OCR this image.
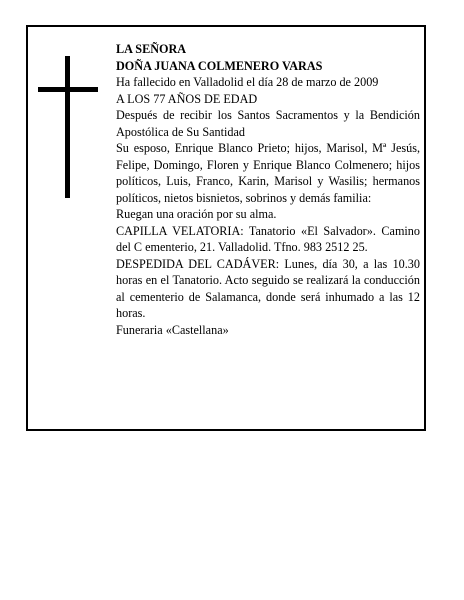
LA SEÑORA
DOÑA JUANA COLMENERO VARAS
Ha fallecido en Valladolid el día 28 de marzo de 2009
A LOS 77 AÑOS DE EDAD
Después de recibir los Santos Sacramentos y la Bendición Apostólica de Su Santidad
Su esposo, Enrique Blanco Prieto; hijos, Marisol, Mª Jesús, Felipe, Domingo, Floren y Enrique Blanco Colmenero; hijos políticos, Luis, Franco, Karin, Marisol y Wasilis; hermanos políticos, nietos bisnietos, sobrinos y demás familia:
Ruegan una oración por su alma.
CAPILLA VELATORIA: Tanatorio «El Salvador». Camino del C ementerio, 21. Valladolid. Tfno. 983 2512 25.
DESPEDIDA DEL CADÁVER: Lunes, día 30, a las 10.30 horas en el Tanatorio. Acto seguido se realizará la conducción al cementerio de Salamanca, donde será inhumado a las 12 horas.
Funeraria «Castellana»
